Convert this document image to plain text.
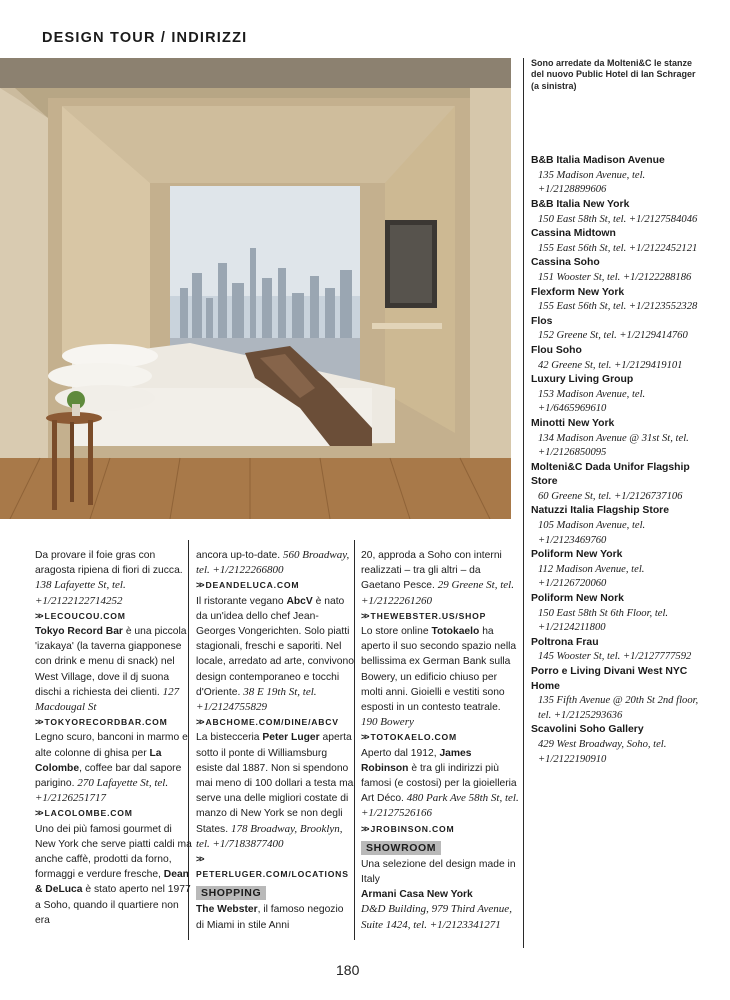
DESIGN TOUR / INDIRIZZI
Sono arredate da Molteni&C le stanze del nuovo Public Hotel di Ian Schrager (a sinistra)
B&B Italia Madison Avenue
135 Madison Avenue, tel. +1/2128899606
B&B Italia New York
150 East 58th St, tel. +1/2127584046
Cassina Midtown
155 East 56th St, tel. +1/2122452121
Cassina Soho
151 Wooster St, tel. +1/2122288186
Flexform New York
155 East 56th St, tel. +1/2123552328
Flos
152 Greene St, tel. +1/2129414760
Flou Soho
42 Greene St, tel. +1/2129419101
Luxury Living Group
153 Madison Avenue, tel. +1/6465969610
Minotti New York
134 Madison Avenue @ 31st St, tel. +1/2126850095
Molteni&C Dada Unifor Flagship Store
60 Greene St, tel. +1/2126737106
Natuzzi Italia Flagship Store
105 Madison Avenue, tel. +1/2123469760
Poliform New York
112 Madison Avenue, tel. +1/2126720060
Poliform New Nork
150 East 58th St 6th Floor, tel. +1/2124211800
Poltrona Frau
145 Wooster St, tel. +1/2127777592
Porro e Living Divani West NYC Home
135 Fifth Avenue @ 20th St 2nd floor, tel. +1/2125293636
Scavolini Soho Gallery
429 West Broadway, Soho, tel. +1/2122190910

Da provare il foie gras con aragosta ripiena di fiori di zucca. 138 Lafayette St, tel. +1/2122122714252

>> LECOUCOU.COM

Tokyo Record Bar è una piccola 'izakaya' (la taverna giapponese con drink e menu di snack) nel West Village, dove il dj suona dischi a richiesta dei clienti. 127 Macdougal St

>> TOKYORECORDBAR.COM

Legno scuro, banconi in marmo e alte colonne di ghisa per La Colombe, coffee bar dal sapore parigino. 270 Lafayette St, tel. +1/2126251717

>> LACOLOMBE.COM

Uno dei più famosi gourmet di New York che serve piatti caldi ma anche caffè, prodotti da forno, formaggi e verdure fresche, Dean & DeLuca è stato aperto nel 1977 a Soho, quando il quartiere non era

ancora up-to-date. 560 Broadway, tel. +1/2122266800

>> DEANDELUCA.COM

Il ristorante vegano AbcV è nato da un'idea dello chef Jean-Georges Vongerichten. Solo piatti stagionali, freschi e saporiti. Nel locale, arredato ad arte, convivono design contemporaneo e tocchi d'Oriente. 38 E 19th St, tel. +1/2124755829

>> ABCHOME.COM/DINE/ABCV

La bistecceria Peter Luger aperta sotto il ponte di Williamsburg esiste dal 1887. Non si spendono mai meno di 100 dollari a testa ma serve una delle migliori costate di manzo di New York se non degli States. 178 Broadway, Brooklyn, tel. +1/7183877400

>>PETERLUGER.COM/LOCATIONS
SHOPPING

The Webster, il famoso negozio di Miami in stile Anni

20, approda a Soho con interni realizzati – tra gli altri – da Gaetano Pesce. 29 Greene St, tel. +1/2122261260

>> THEWEBSTER.US/SHOP

Lo store online Totokaelo ha aperto il suo secondo spazio nella bellissima ex German Bank sulla Bowery, un edificio chiuso per molti anni. Gioielli e vestiti sono esposti in un contesto teatrale. 190 Bowery

>> TOTOKAELO.COM

Aperto dal 1912, James Robinson è tra gli indirizzi più famosi (e costosi) per la gioielleria Art Déco. 480 Park Ave 58th St, tel. +1/2127526166

>> JROBINSON.COM
SHOWROOM

Una selezione del design made in Italy

Armani Casa New York
D&D Building, 979 Third Avenue, Suite 1424, tel. +1/2123341271

180
